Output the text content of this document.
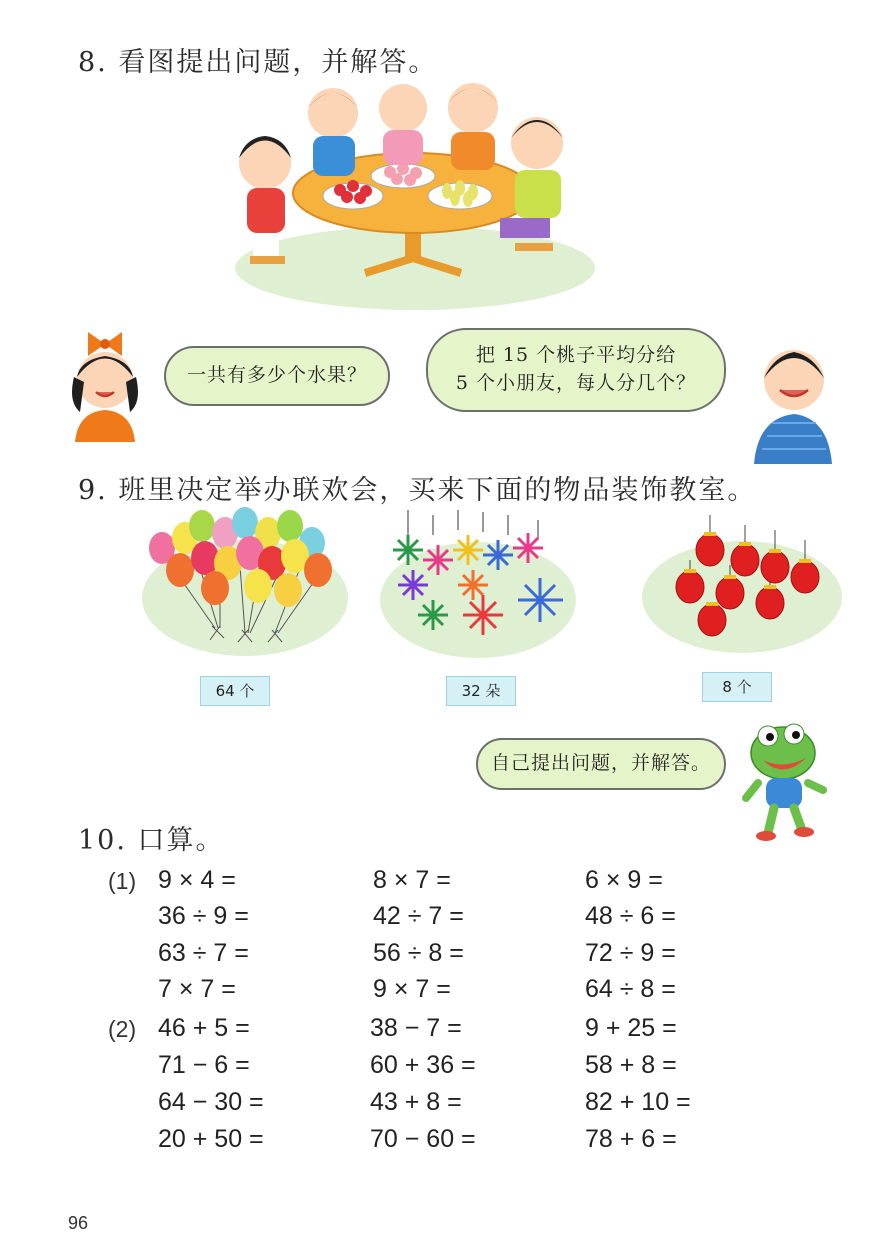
8. 看图提出问题，并解答。
一共有多少个水果？
把 15 个桃子平均分给
5 个小朋友，每人分几个？
9. 班里决定举办联欢会，买来下面的物品装饰教室。
64 个	32 朵	8 个
自己提出问题，并解答。
10. 口算。
(1) 9 × 4 =	8 × 7 =	6 × 9 =
36 ÷ 9 =	42 ÷ 7 =	48 ÷ 6 =
63 ÷ 7 =	56 ÷ 8 =	72 ÷ 9 =
7 × 7 =	9 × 7 =	64 ÷ 8 =
(2) 46 + 5 =	38 − 7 =	9 + 25 =
71 − 6 =	60 + 36 =	58 + 8 =
64 − 30 =	43 + 8 =	82 + 10 =
20 + 50 =	70 − 60 =	78 + 6 =
96
